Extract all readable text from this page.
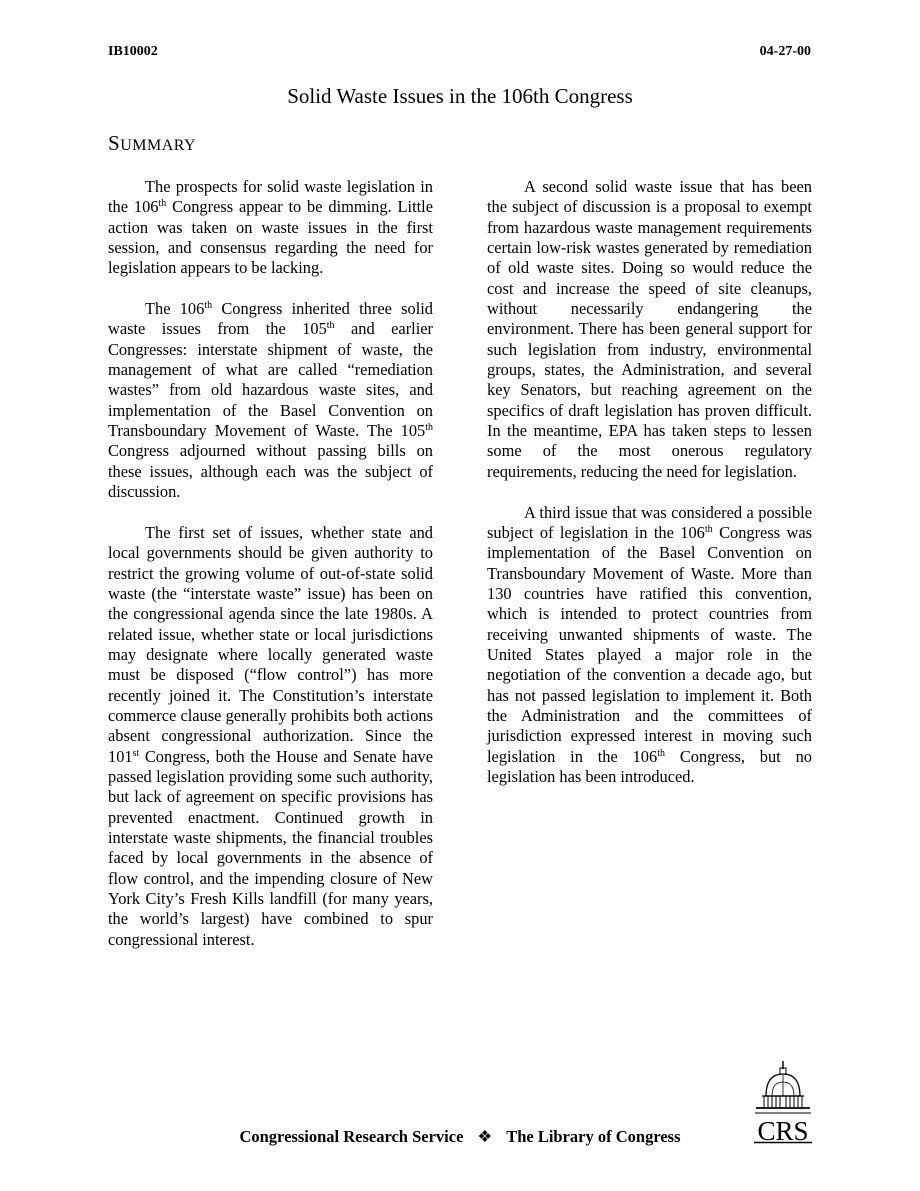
IB10002	04-27-00
Solid Waste Issues in the 106th Congress
SUMMARY

The prospects for solid waste legislation in the 106th Congress appear to be dimming. Little action was taken on waste issues in the first session, and consensus regarding the need for legislation appears to be lacking.

The 106th Congress inherited three solid waste issues from the 105th and earlier Congresses: interstate shipment of waste, the management of what are called “remediation wastes” from old hazardous waste sites, and implementation of the Basel Convention on Transboundary Movement of Waste. The 105th Congress adjourned without passing bills on these issues, although each was the subject of discussion.

The first set of issues, whether state and local governments should be given authority to restrict the growing volume of out-of-state solid waste (the “interstate waste” issue) has been on the congressional agenda since the late 1980s. A related issue, whether state or local jurisdictions may designate where locally generated waste must be disposed (“flow control”) has more recently joined it. The Constitution’s interstate commerce clause generally prohibits both actions absent congressional authorization. Since the 101st Congress, both the House and Senate have passed legislation providing some such authority, but lack of agreement on specific provisions has prevented enactment. Continued growth in interstate waste shipments, the financial troubles faced by local governments in the absence of flow control, and the impending closure of New York City’s Fresh Kills landfill (for many years, the world’s largest) have combined to spur congressional interest.

A second solid waste issue that has been the subject of discussion is a proposal to exempt from hazardous waste management requirements certain low-risk wastes generated by remediation of old waste sites. Doing so would reduce the cost and increase the speed of site cleanups, without necessarily endangering the environment. There has been general support for such legislation from industry, environmental groups, states, the Administration, and several key Senators, but reaching agreement on the specifics of draft legislation has proven difficult. In the meantime, EPA has taken steps to lessen some of the most onerous regulatory requirements, reducing the need for legislation.

A third issue that was considered a possible subject of legislation in the 106th Congress was implementation of the Basel Convention on Transboundary Movement of Waste. More than 130 countries have ratified this convention, which is intended to protect countries from receiving unwanted shipments of waste. The United States played a major role in the negotiation of the convention a decade ago, but has not passed legislation to implement it. Both the Administration and the committees of jurisdiction expressed interest in moving such legislation in the 106th Congress, but no legislation has been introduced.

Congressional Research Service ❖ The Library of Congress	CRS
